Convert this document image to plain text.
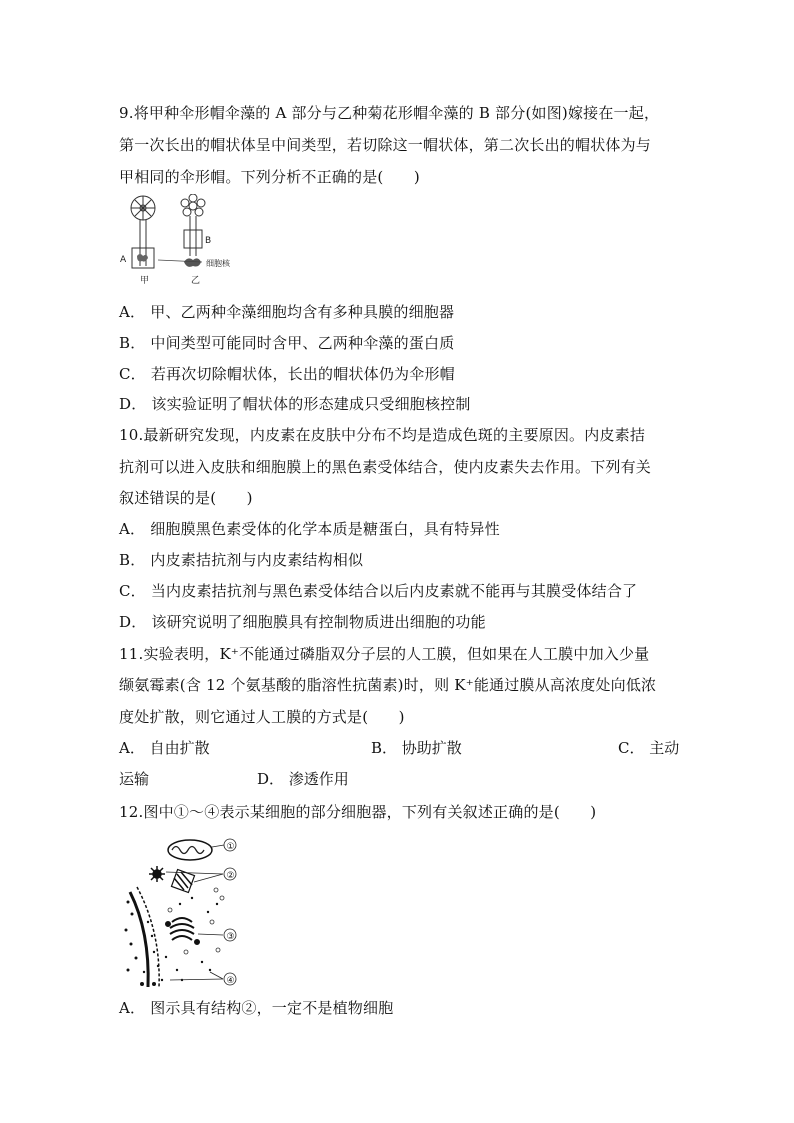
9.将甲种伞形帽伞藻的 A 部分与乙种菊花形帽伞藻的 B 部分(如图)嫁接在一起，
第一次长出的帽状体呈中间类型，若切除这一帽状体，第二次长出的帽状体为与
甲相同的伞形帽。下列分析不正确的是(　　)
A
甲
B
乙
细胞核
A． 甲、乙两种伞藻细胞均含有多种具膜的细胞器
B． 中间类型可能同时含甲、乙两种伞藻的蛋白质
C． 若再次切除帽状体，长出的帽状体仍为伞形帽
D． 该实验证明了帽状体的形态建成只受细胞核控制
10.最新研究发现，内皮素在皮肤中分布不均是造成色斑的主要原因。内皮素拮
抗剂可以进入皮肤和细胞膜上的黑色素受体结合，使内皮素失去作用。下列有关
叙述错误的是(　　)
A． 细胞膜黑色素受体的化学本质是糖蛋白，具有特异性
B． 内皮素拮抗剂与内皮素结构相似
C． 当内皮素拮抗剂与黑色素受体结合以后内皮素就不能再与其膜受体结合了
D． 该研究说明了细胞膜具有控制物质进出细胞的功能
11.实验表明，K⁺不能通过磷脂双分子层的人工膜，但如果在人工膜中加入少量
缬氨霉素(含 12 个氨基酸的脂溶性抗菌素)时，则 K⁺能通过膜从高浓度处向低浓
度处扩散，则它通过人工膜的方式是(　　)
A． 自由扩散	B． 协助扩散	C． 主动
运输	D． 渗透作用
12.图中①～④表示某细胞的部分细胞器，下列有关叙述正确的是(　　)
①
②
③
④
A． 图示具有结构②，一定不是植物细胞
